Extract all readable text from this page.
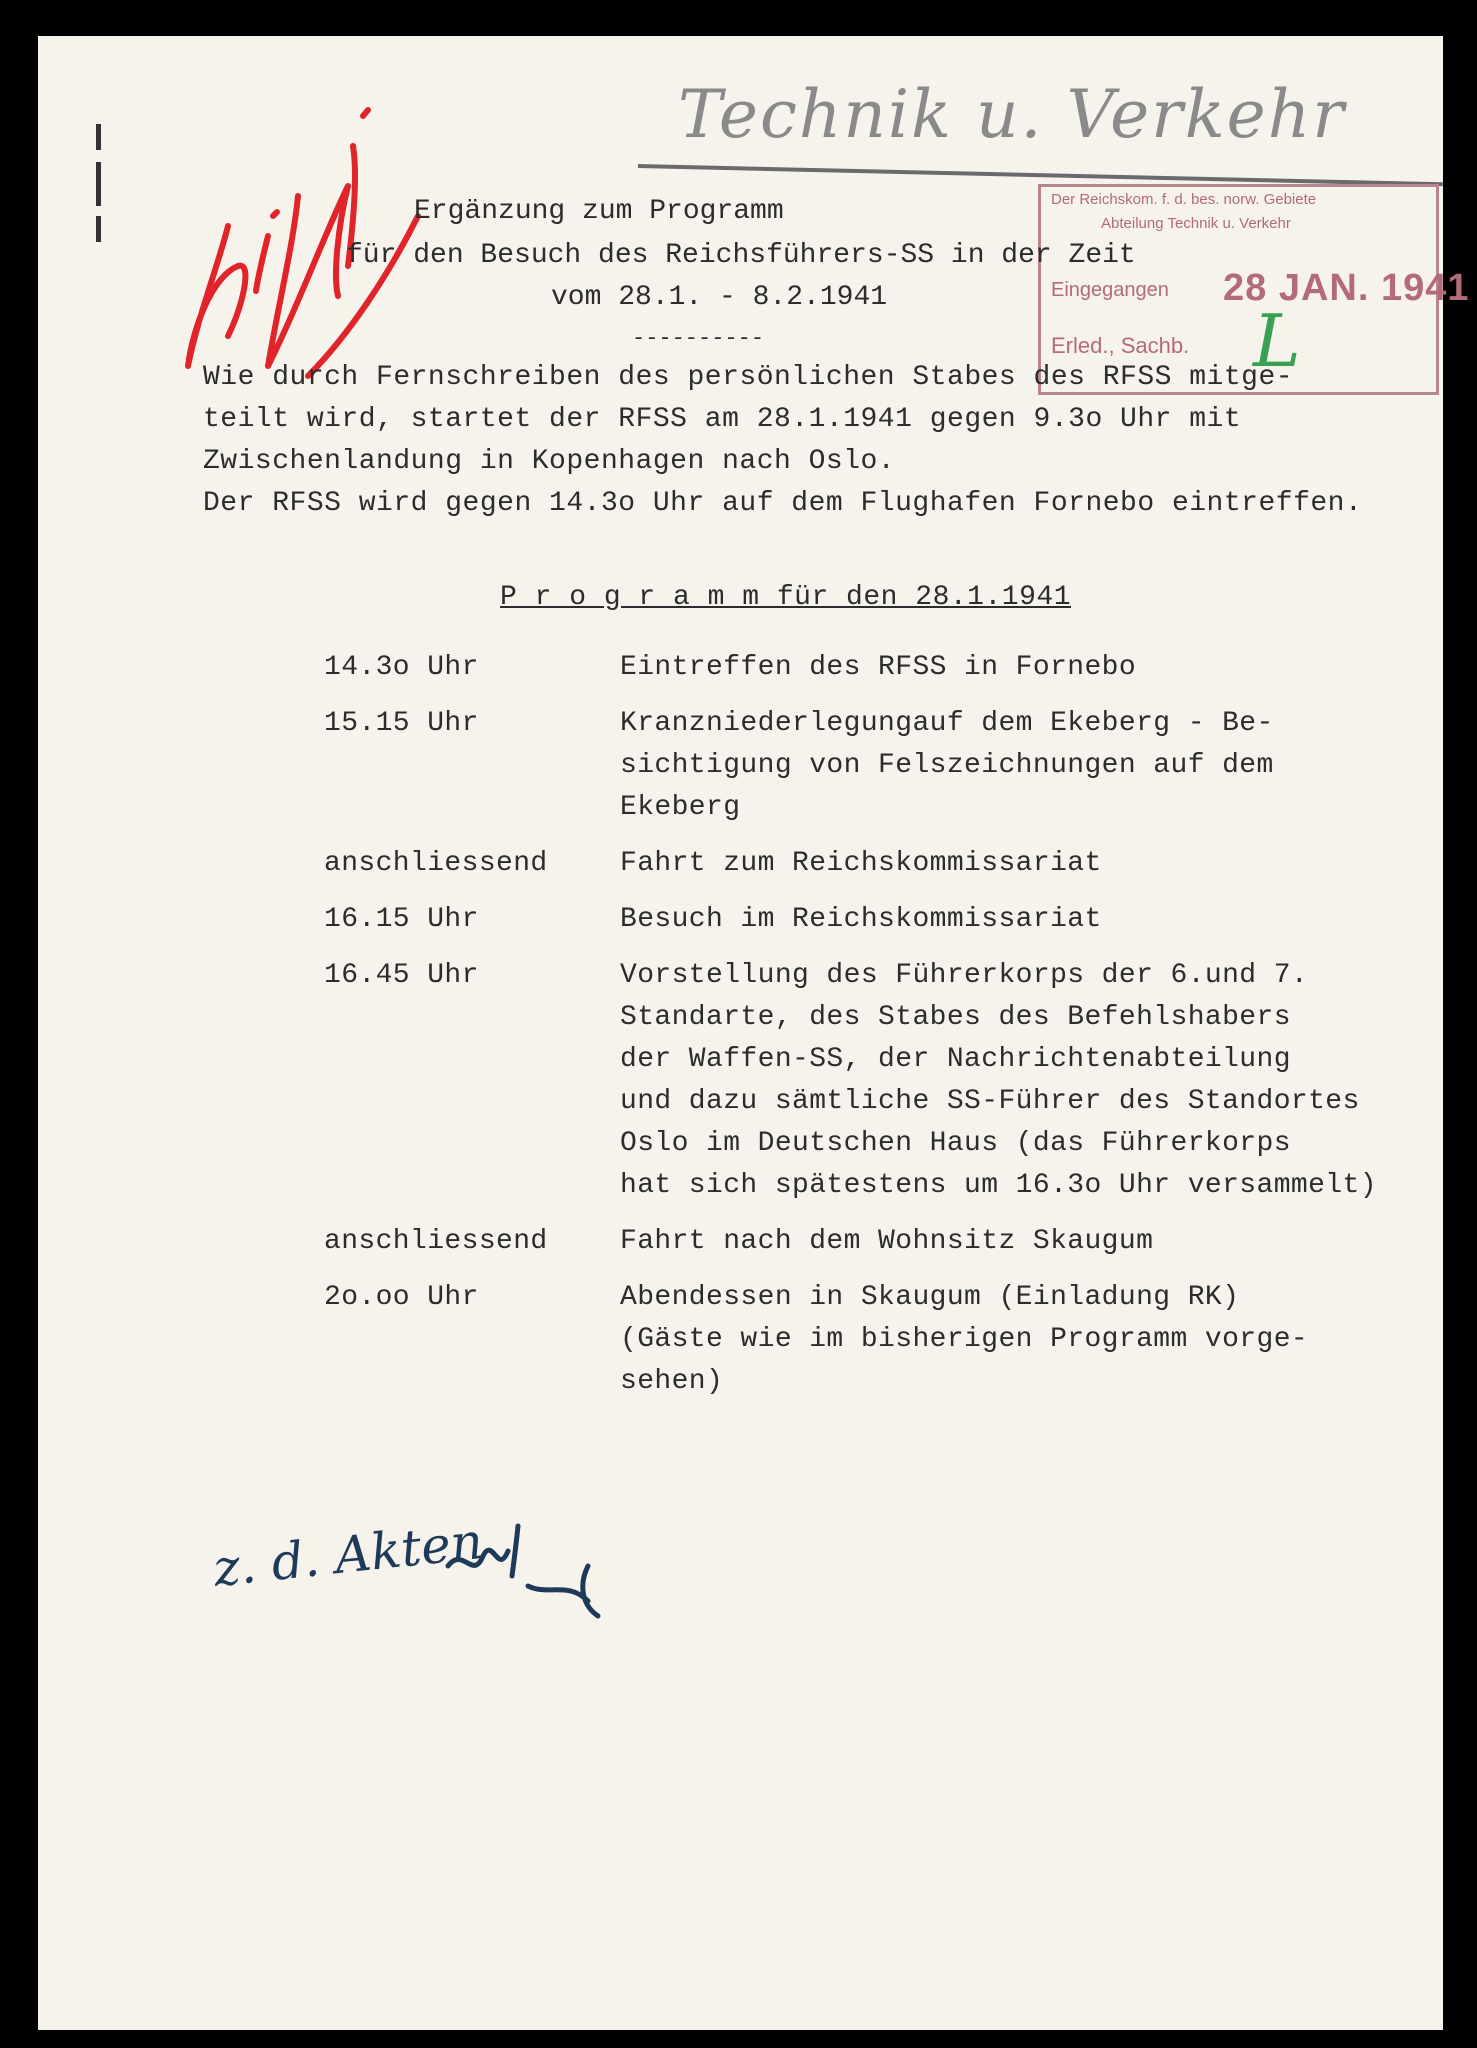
Technik u. Verkehr
Der Reichskom. f. d. bes. norw. Gebiete
Abteilung Technik u. Verkehr
Eingegangen 28 JAN. 1941
Erled., Sachb. L
Ergänzung zum Programm
für den Besuch des Reichsführers-SS in der Zeit
vom 28.1. - 8.2.1941
----------
Wie durch Fernschreiben des persönlichen Stabes des RFSS mitge-
teilt wird, startet der RFSS am 28.1.1941 gegen 9.3o Uhr mit
Zwischenlandung in Kopenhagen nach Oslo.
Der RFSS wird gegen 14.3o Uhr auf dem Flughafen Fornebo eintreffen.
P r o g r a m m für den 28.1.1941
14.3o Uhr	Eintreffen des RFSS in Fornebo
15.15 Uhr	Kranzniederlegungauf dem Ekeberg - Be-
sichtigung von Felszeichnungen auf dem
Ekeberg
anschliessend	Fahrt zum Reichskommissariat
16.15 Uhr	Besuch im Reichskommissariat
16.45 Uhr	Vorstellung des Führerkorps der 6.und 7.
Standarte, des Stabes des Befehlshabers
der Waffen-SS, der Nachrichtenabteilung
und dazu sämtliche SS-Führer des Standortes
Oslo im Deutschen Haus (das Führerkorps
hat sich spätestens um 16.3o Uhr versammelt)
anschliessend	Fahrt nach dem Wohnsitz Skaugum
2o.oo Uhr	Abendessen in Skaugum (Einladung RK)
(Gäste wie im bisherigen Programm vorge-
sehen)
z. d. Akten
